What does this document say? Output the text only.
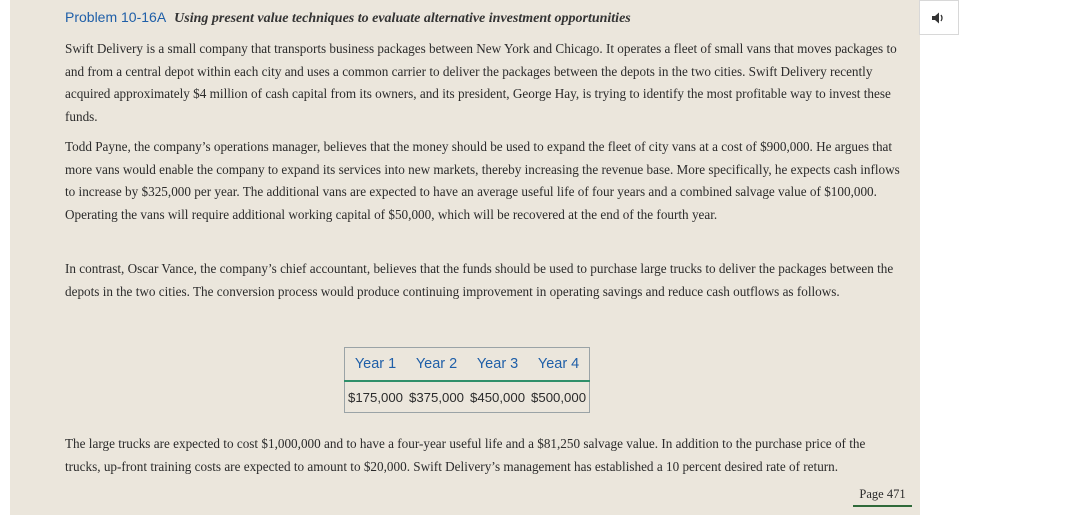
Problem 10-16A Using present value techniques to evaluate alternative investment opportunities

Swift Delivery is a small company that transports business packages between New York and Chicago. It operates a fleet of small vans that moves packages to and from a central depot within each city and uses a common carrier to deliver the packages between the depots in the two cities. Swift Delivery recently acquired approximately $4 million of cash capital from its owners, and its president, George Hay, is trying to identify the most profitable way to invest these funds.

Todd Payne, the company’s operations manager, believes that the money should be used to expand the fleet of city vans at a cost of $900,000. He argues that more vans would enable the company to expand its services into new markets, thereby increasing the revenue base. More specifically, he expects cash inflows to increase by $325,000 per year. The additional vans are expected to have an average useful life of four years and a combined salvage value of $100,000. Operating the vans will require additional working capital of $50,000, which will be recovered at the end of the fourth year.

In contrast, Oscar Vance, the company’s chief accountant, believes that the funds should be used to purchase large trucks to deliver the packages between the depots in the two cities. The conversion process would produce continuing improvement in operating savings and reduce cash outflows as follows.

Year 1	Year 2	Year 3	Year 4
$175,000	$375,000	$450,000	$500,000

The large trucks are expected to cost $1,000,000 and to have a four-year useful life and a $81,250 salvage value. In addition to the purchase price of the trucks, up-front training costs are expected to amount to $20,000. Swift Delivery’s management has established a 10 percent desired rate of return.

Page 471
